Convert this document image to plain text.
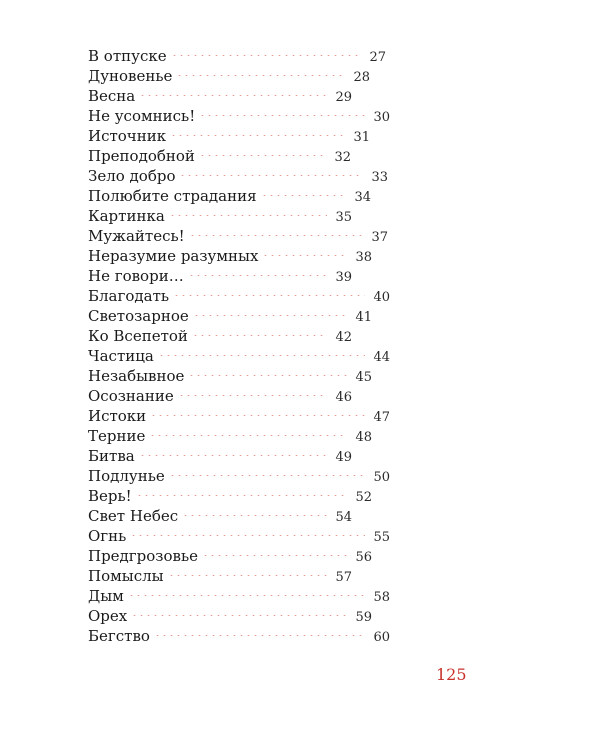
В отпуске	27
Дуновенье	28
Весна	29
Не усомнись!	30
Источник	31
Преподобной	32
Зело добро	33
Полюбите страдания	34
Картинка	35
Мужайтесь!	37
Неразумие разумных	38
Не говори…	39
Благодать	40
Светозарное	41
Ко Всепетой	42
Частица	44
Незабывное	45
Осознание	46
Истоки	47
Терние	48
Битва	49
Подлунье	50
Верь!	52
Свет Небес	54
Огнь	55
Предгрозовье	56
Помыслы	57
Дым	58
Орех	59
Бегство	60
125
